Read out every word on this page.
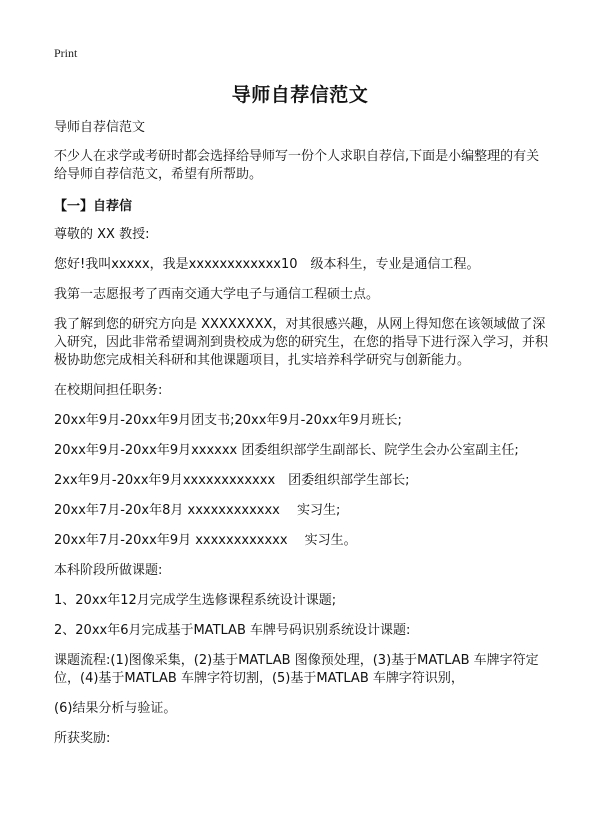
Print
导师自荐信范文

导师自荐信范文

不少人在求学或考研时都会选择给导师写一份个人求职自荐信,下面是小编整理的有关给导师自荐信范文，希望有所帮助。

【一】自荐信

尊敬的 XX 教授:

您好!我叫xxxxx，我是xxxxxxxxxxxx10　级本科生，专业是通信工程。

我第一志愿报考了西南交通大学电子与通信工程硕士点。

我了解到您的研究方向是 XXXXXXXX，对其很感兴趣，从网上得知您在该领域做了深入研究，因此非常希望调剂到贵校成为您的研究生，在您的指导下进行深入学习，并积极协助您完成相关科研和其他课题项目，扎实培养科学研究与创新能力。

在校期间担任职务:

20xx年9月-20xx年9月团支书;20xx年9月-20xx年9月班长;

20xx年9月-20xx年9月xxxxxx 团委组织部学生副部长、院学生会办公室副主任;

2xx年9月-20xx年9月xxxxxxxxxxxx　团委组织部学生部长;

20xx年7月-20x年8月 xxxxxxxxxxxx　 实习生;

20xx年7月-20xx年9月 xxxxxxxxxxxx　 实习生。

本科阶段所做课题:

1、20xx年12月完成学生选修课程系统设计课题;

2、20xx年6月完成基于MATLAB 车牌号码识别系统设计课题:

课题流程:(1)图像采集，(2)基于MATLAB 图像预处理，(3)基于MATLAB 车牌字符定位，(4)基于MATLAB 车牌字符切割，(5)基于MATLAB 车牌字符识别，

(6)结果分析与验证。

所获奖励:
